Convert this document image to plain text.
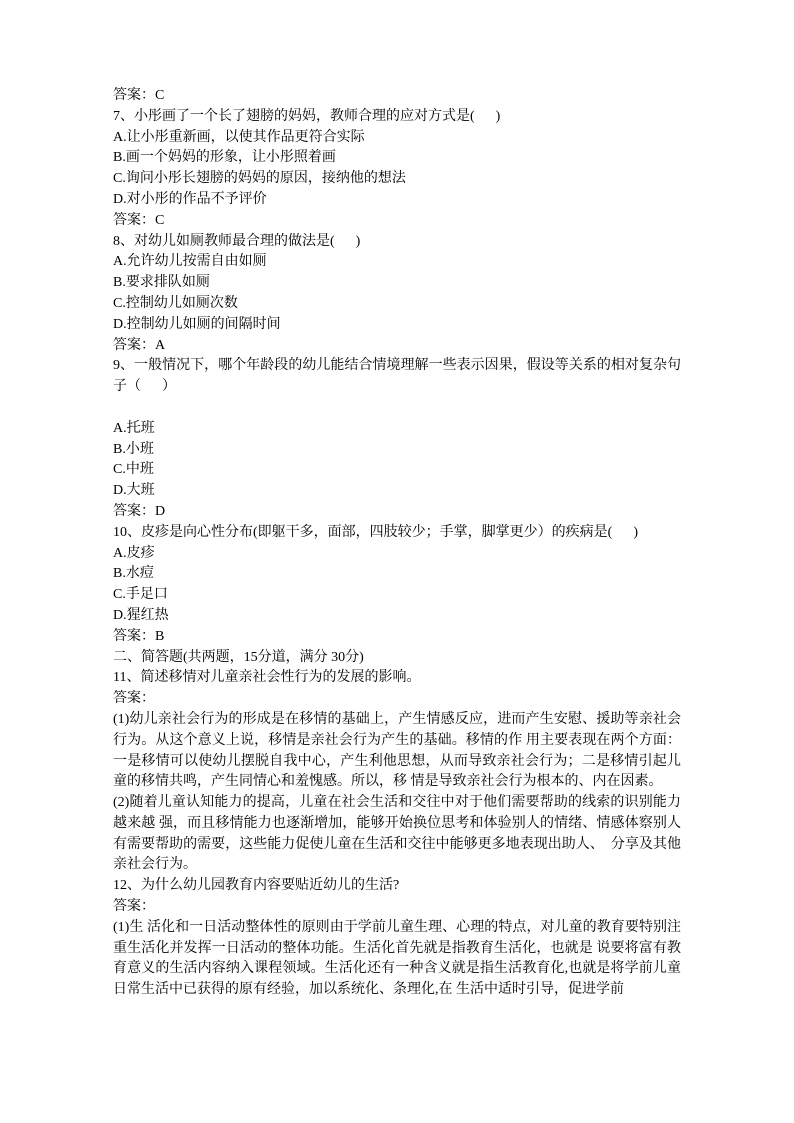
答案：C

7、小彤画了一个长了翅膀的妈妈，教师合理的应对方式是(      )

A.让小彤重新画，以使其作品更符合实际

B.画一个妈妈的形象，让小彤照着画

C.询问小彤长翅膀的妈妈的原因，接纳他的想法

D.对小彤的作品不予评价

答案：C

8、对幼儿如厕教师最合理的做法是(      )

A.允许幼儿按需自由如厕

B.要求排队如厕

C.控制幼儿如厕次数

D.控制幼儿如厕的间隔时间

答案：A

9、一般情况下，哪个年龄段的幼儿能结合情境理解一些表示因果，假设等关系的相对复杂句子（      ）

A.托班

B.小班

C.中班

D.大班

答案：D

10、皮疹是向心性分布(即躯干多，面部，四肢较少；手掌，脚掌更少）的疾病是(      )

A.皮疹

B.水痘

C.手足口

D.猩红热

答案：B

二、简答题(共两题，15分道，满分 30分)

11、简述移情对儿童亲社会性行为的发展的影响。

答案：

(1)幼儿亲社会行为的形成是在移情的基础上，产生情感反应，进而产生安慰、援助等亲社会行为。从这个意义上说，移情是亲社会行为产生的基础。移情的作 用主要表现在两个方面：一是移情可以使幼儿摆脱自我中心，产生利他思想，从而导致亲社会行为；二是移情引起儿童的移情共鸣，产生同情心和羞愧感。所以，移 情是导致亲社会行为根本的、内在因素。

(2)随着儿童认知能力的提高，儿童在社会生活和交往中对于他们需要帮助的线索的识别能力越来越 强，而且移情能力也逐渐增加，能够开始换位思考和体验别人的情绪、情感体察别人有需要帮助的需要，这些能力促使儿童在生活和交往中能够更多地表现出助人、  分享及其他亲社会行为。

12、为什么幼儿园教育内容要贴近幼儿的生活?

答案：

(1)生 活化和一日活动整体性的原则由于学前儿童生理、心理的特点，对儿童的教育要特别注重生活化并发挥一日活动的整体功能。生活化首先就是指教育生活化，也就是 说要将富有教育意义的生活内容纳入课程领域。生活化还有一种含义就是指生活教育化,也就是将学前儿童日常生活中已获得的原有经验，加以系统化、条理化,在 生活中适时引导，促进学前
